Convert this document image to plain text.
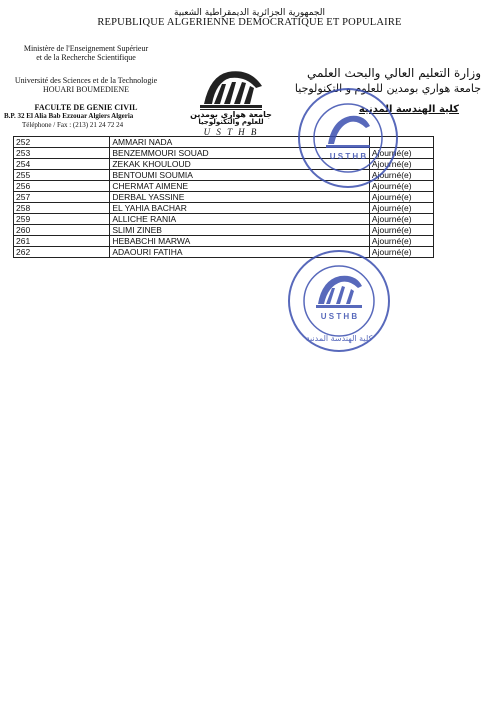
الجمهورية الجزائرية الديمقراطية الشعبية
REPUBLIQUE ALGERIENNE DEMOCRATIQUE ET POPULAIRE
Ministère de l'Enseignement Supérieur
et de la Recherche Scientifique
Université des Sciences et de la Technologie
HOUARI BOUMEDIENE
FACULTE DE GENIE CIVIL
B.P. 32 El Alia Bab Ezzouar Algiers Algeria
Téléphone / Fax : (213) 21 24 72 24
وزارة التعليم العالي والبحث العلمي
جامعة هواري بومدين للعلوم و التكنولوجيا
كلية الهندسة المدنية
جامعة هواري بومدين
للعلوم والتكنولوجيا
U S T H B
252	AMMARI NADA	
253	BENZEMMOURI SOUAD	Ajourné(e)
254	ZEKAK KHOULOUD	Ajourné(e)
255	BENTOUMI SOUMIA	Ajourné(e)
256	CHERMAT AIMENE	Ajourné(e)
257	DERBAL YASSINE	Ajourné(e)
258	EL YAHIA BACHAR	Ajourné(e)
259	ALLICHE RANIA	Ajourné(e)
260	SLIMI ZINEB	Ajourné(e)
261	HEBABCHI MARWA	Ajourné(e)
262	ADAOURI FATIHA	Ajourné(e)
U S T H B
U S T H B
كلية الهندسة المدنية
